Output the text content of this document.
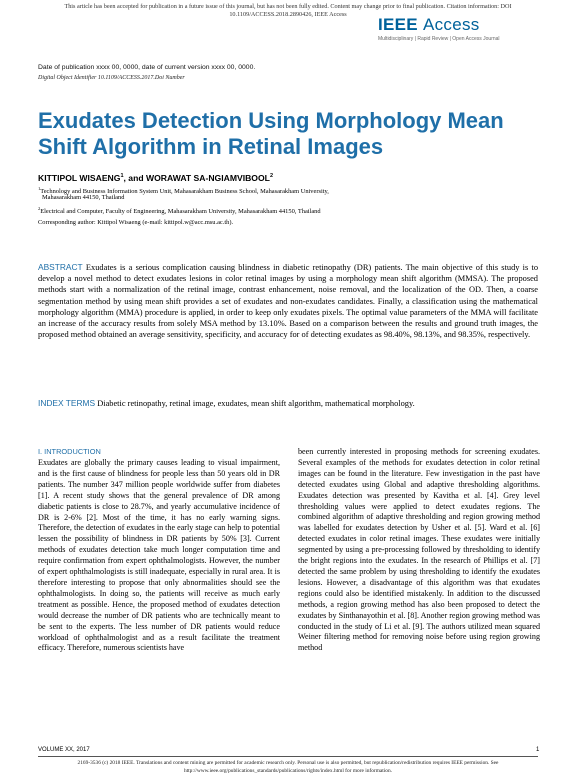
This article has been accepted for publication in a future issue of this journal, but has not been fully edited. Content may change prior to final publication. Citation information: DOI
10.1109/ACCESS.2018.2890426, IEEE Access
IEEE Access
Multidisciplinary | Rapid Review | Open Access Journal
Date of publication xxxx 00, 0000, date of current version xxxx 00, 0000.
Digital Object Identifier 10.1109/ACCESS.2017.Doi Number
Exudates Detection Using Morphology Mean Shift Algorithm in Retinal Images
KITTIPOL WISAENG$^1$, and WORAWAT SA-NGIAMVIBOOL$^2$
$^1$Technology and Business Information System Unit, Mahasarakham Business School, Mahasarakham University,
Mahasarakham 44150, Thailand
$^2$Electrical and Computer, Faculty of Engineering, Mahasarakham University, Mahasarakham 44150, Thailand
Corresponding author: Kittipol Wisaeng (e-mail: kittipol.w@acc.msu.ac.th).
ABSTRACT Exudates is a serious complication causing blindness in diabetic retinopathy (DR) patients. The main objective of this study is to develop a novel method to detect exudates lesions in color retinal images by using a morphology mean shift algorithm (MMSA). The proposed methods start with a normalization of the retinal image, contrast enhancement, noise removal, and the localization of the OD. Then, a coarse segmentation method by using mean shift provides a set of exudates and non-exudates candidates. Finally, a classification using the mathematical morphology algorithm (MMA) procedure is applied, in order to keep only exudates pixels. The optimal value parameters of the MMA will facilitate an increase of the accuracy results from solely MSA method by 13.10%. Based on a comparison between the results and ground truth images, the proposed method obtained an average sensitivity, specificity, and accuracy for of detecting exudates as 98.40%, 98.13%, and 98.35%, respectively.
INDEX TERMS Diabetic retinopathy, retinal image, exudates, mean shift algorithm, mathematical morphology.
I. INTRODUCTION

Exudates are globally the primary causes leading to visual impairment, and is the first cause of blindness for people less than 50 years old in DR patients. The number 347 million people worldwide suffer from diabetes [1]. A recent study shows that the general prevalence of DR among diabetic patients is close to 28.7%, and yearly accumulative incidence of DR is 2-6% [2]. Most of the time, it has no early warning signs. Therefore, the detection of exudates in the early stage can help to potential lessen the possibility of blindness in DR patients by 50% [3]. Current methods of exudates detection take much longer computation time and require confirmation from expert ophthalmologists. However, the number of expert ophthalmologists is still inadequate, especially in rural area. It is therefore interesting to propose that only abnormalities should see the ophthalmologists. In doing so, the patients will receive as much early treatment as possible. Hence, the proposed method of exudates detection would decrease the number of DR patients who are technically meant to be sent to the experts. The less number of DR patients would reduce workload of ophthalmologist and as a result facilitate the treatment efficacy. Therefore, numerous scientists have

been currently interested in proposing methods for screening exudates. Several examples of the methods for exudates detection in color retinal images can be found in the literature. Few investigation in the past have detected exudates using Global and adaptive thresholding algorithms. Exudates detection was presented by Kavitha et al. [4]. Grey level thresholding values were applied to detect exudates regions. The combined algorithm of adaptive thresholding and region growing method was labelled for exudates detection by Usher et al. [5]. Ward et al. [6] detected exudates in color retinal images. These exudates were initially segmented by using a pre-processing followed by thresholding to identify the bright regions into the exudates. In the research of Phillips et al. [7] detected the same problem by using thresholding to identify the exudates lesions. However, a disadvantage of this algorithm was that exudates regions could also be identified mistakenly. In addition to the discussed methods, a region growing method has also been proposed to detect the exudates by Sinthanayothin et al. [8]. Another region growing method was conducted in the study of Li et al. [9]. The authors utilized mean squared Weiner filtering method for removing noise before using region growing method

VOLUME XX, 2017	1
2169-3536 (c) 2018 IEEE. Translations and content mining are permitted for academic research only. Personal use is also permitted, but republication/redistribution requires IEEE permission. See
http://www.ieee.org/publications_standards/publications/rights/index.html for more information.
